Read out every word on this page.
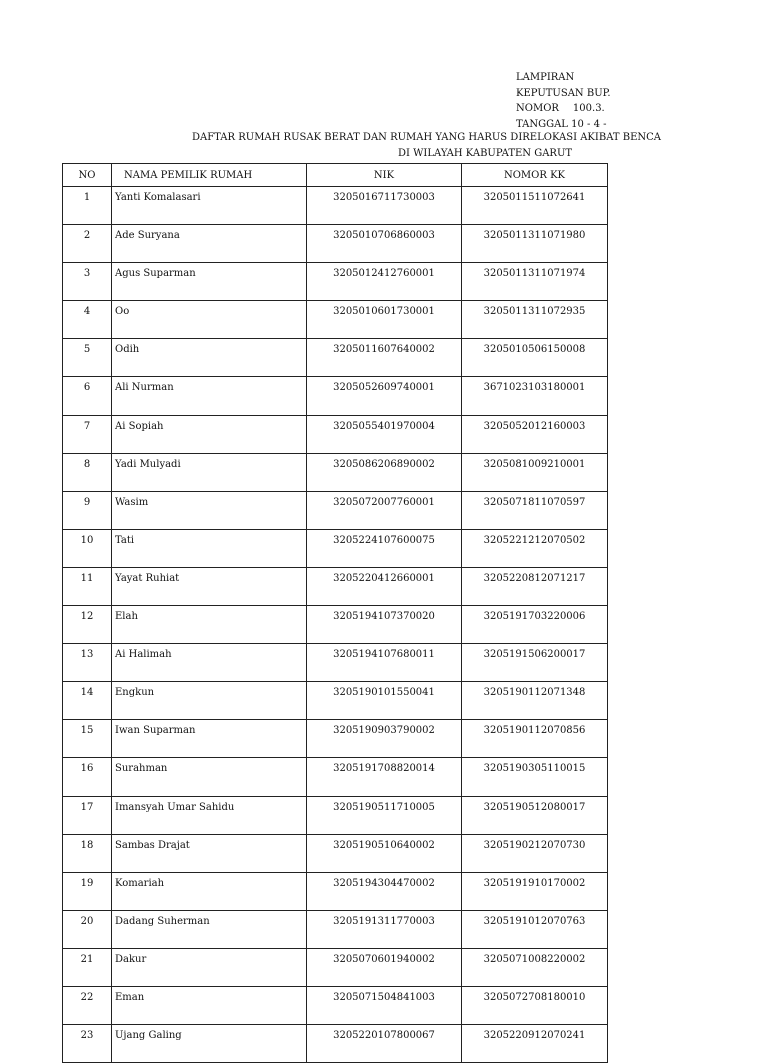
LAMPIRAN
KEPUTUSAN BUP.
NOMOR 100.3.
TANGGAL 10 - 4 -
DAFTAR RUMAH RUSAK BERAT DAN RUMAH YANG HARUS DIRELOKASI AKIBAT BENCA
DI WILAYAH KABUPATEN GARUT
NO	NAMA PEMILIK RUMAH	NIK	NOMOR KK
1	Yanti Komalasari	3205016711730003	3205011511072641
2	Ade Suryana	3205010706860003	3205011311071980
3	Agus Suparman	3205012412760001	3205011311071974
4	Oo	3205010601730001	3205011311072935
5	Odih	3205011607640002	3205010506150008
6	Ali Nurman	3205052609740001	3671023103180001
7	Ai Sopiah	3205055401970004	3205052012160003
8	Yadi Mulyadi	3205086206890002	3205081009210001
9	Wasim	3205072007760001	3205071811070597
10	Tati	3205224107600075	3205221212070502
11	Yayat Ruhiat	3205220412660001	3205220812071217
12	Elah	3205194107370020	3205191703220006
13	Ai Halimah	3205194107680011	3205191506200017
14	Engkun	3205190101550041	3205190112071348
15	Iwan Suparman	3205190903790002	3205190112070856
16	Surahman	3205191708820014	3205190305110015
17	Imansyah Umar Sahidu	3205190511710005	3205190512080017
18	Sambas Drajat	3205190510640002	3205190212070730
19	Komariah	3205194304470002	3205191910170002
20	Dadang Suherman	3205191311770003	3205191012070763
21	Dakur	3205070601940002	3205071008220002
22	Eman	3205071504841003	3205072708180010
23	Ujang Galing	3205220107800067	3205220912070241
